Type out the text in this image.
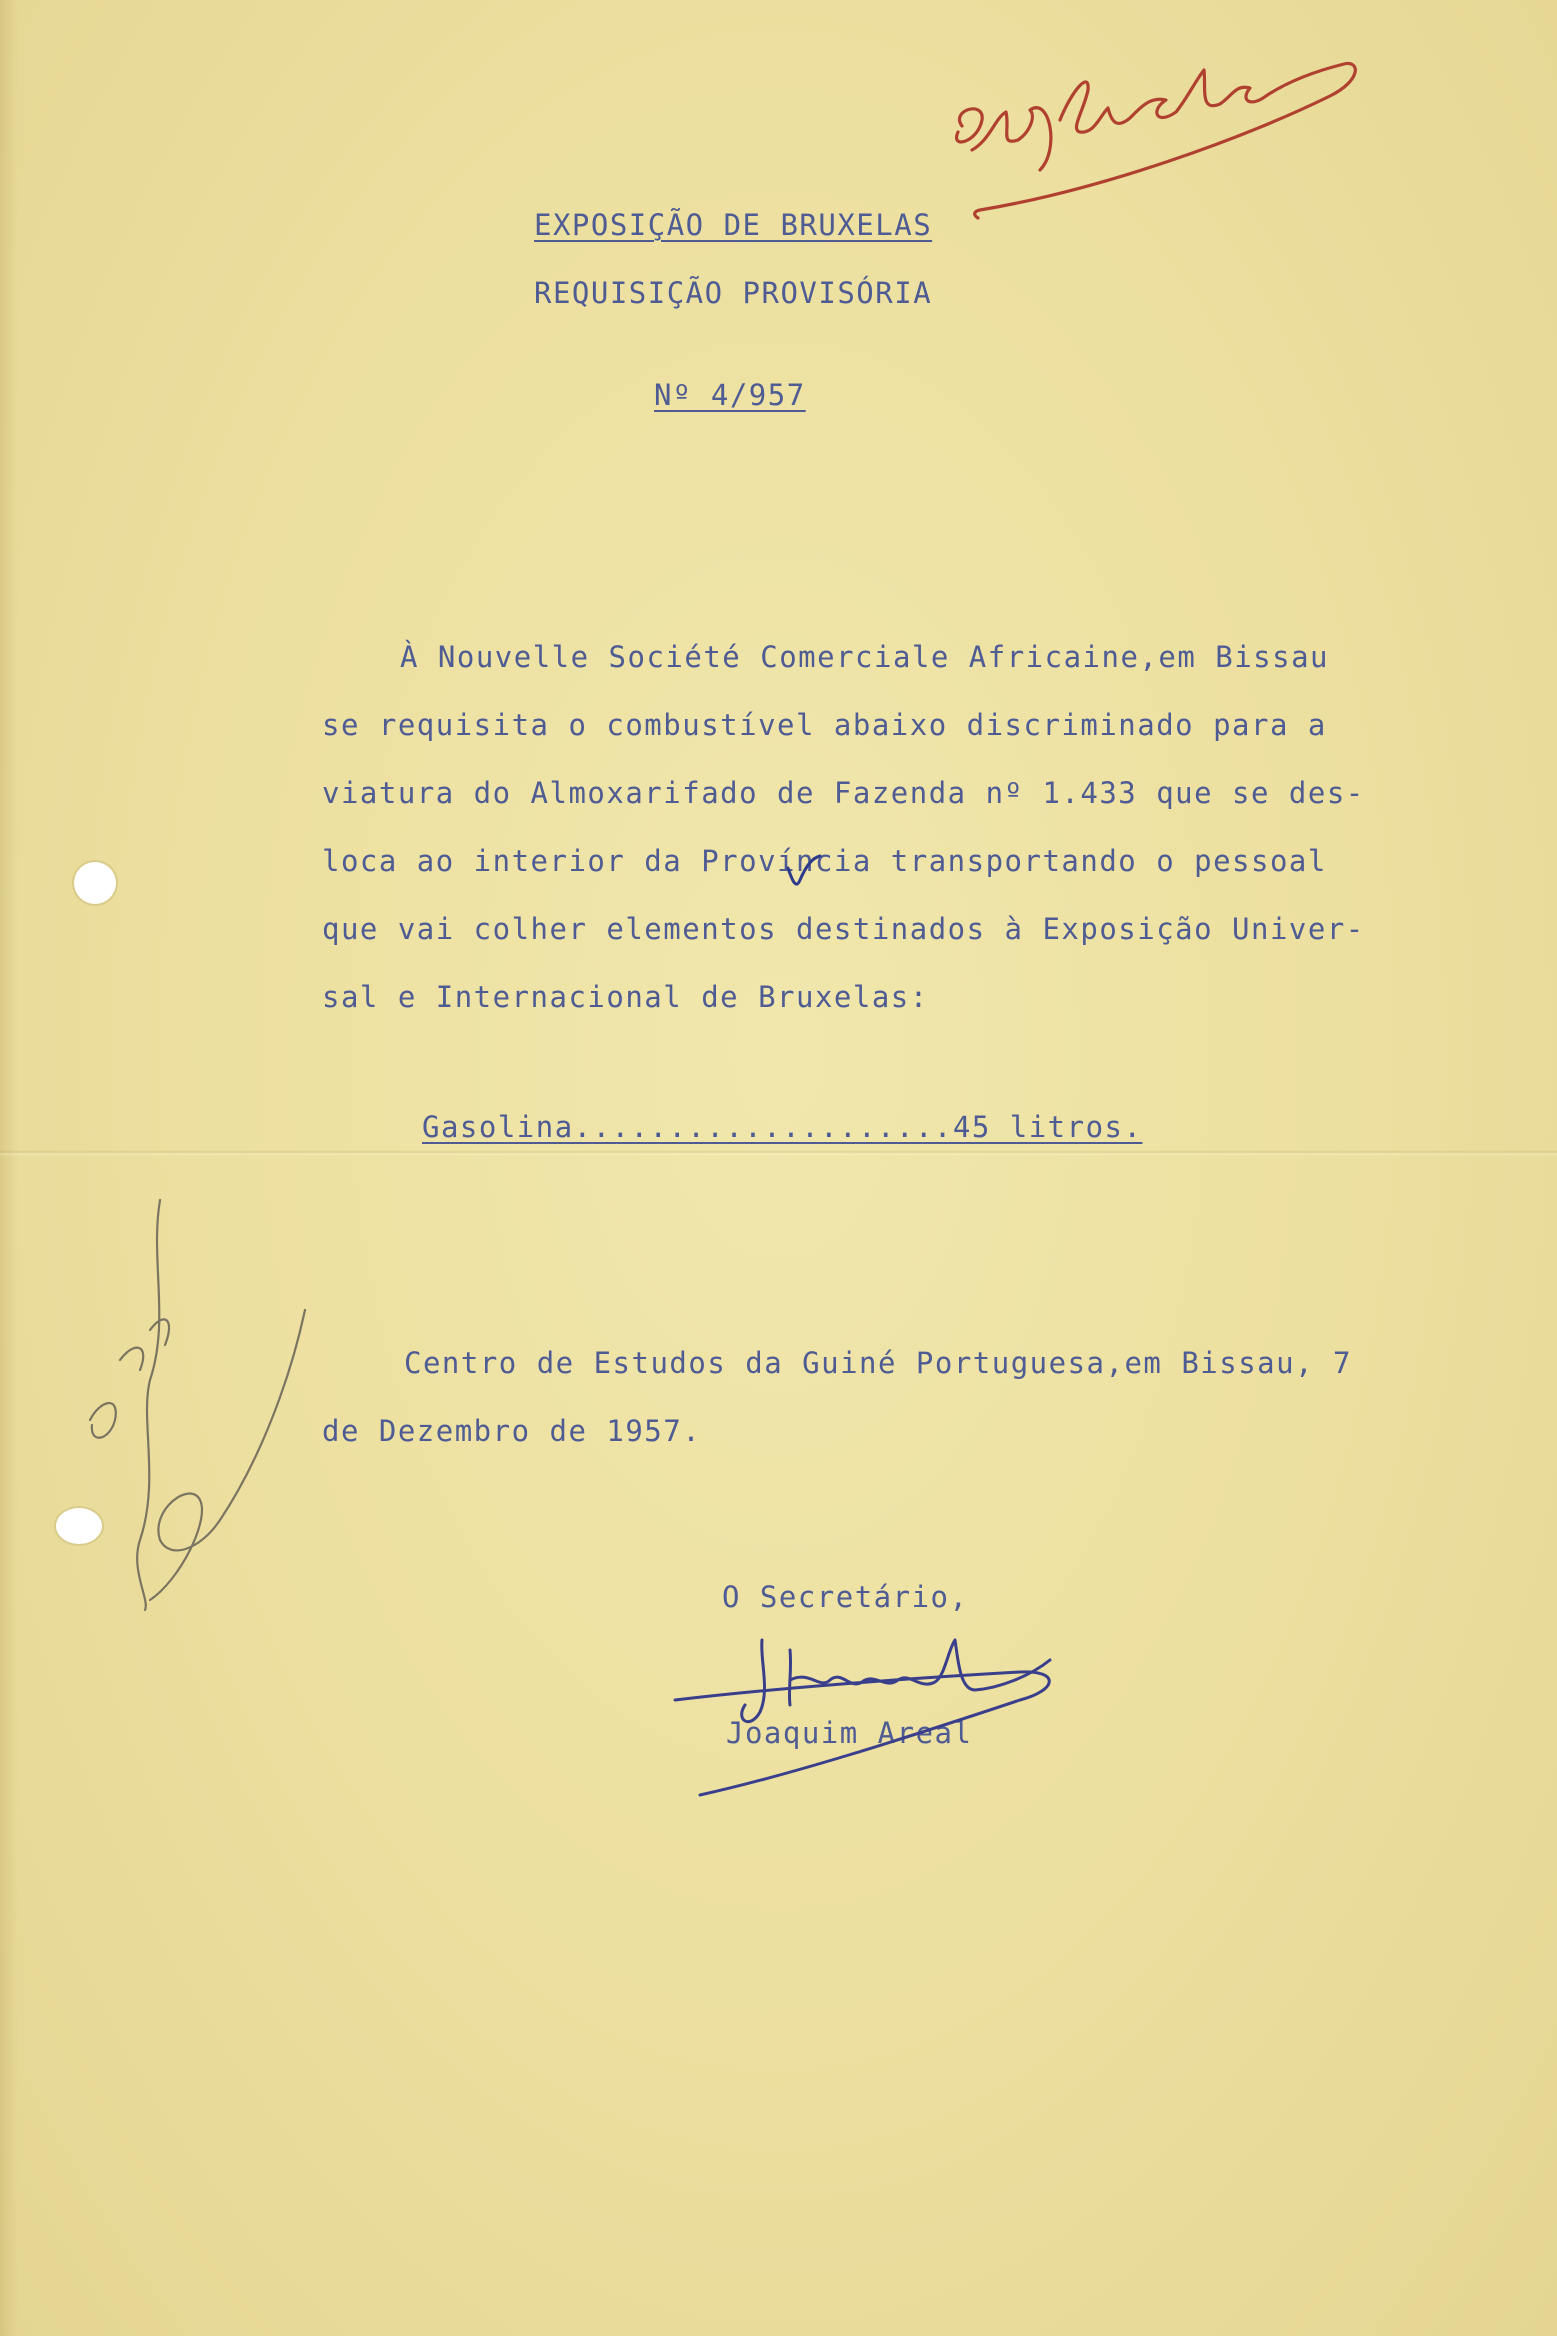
EXPOSIÇÃO DE BRUXELAS
REQUISIÇÃO PROVISÓRIA
Nº 4/957
À Nouvelle Société Comerciale Africaine,em Bissau
se requisita o combustível abaixo discriminado para a
viatura do Almoxarifado de Fazenda nº 1.433 que se des-
loca ao interior da Província transportando o pessoal
que vai colher elementos destinados à Exposição Univer-
sal e Internacional de Bruxelas:
Gasolina....................45 litros.
Centro de Estudos da Guiné Portuguesa,em Bissau, 7
de Dezembro de 1957.
O Secretário,
Joaquim Areal
